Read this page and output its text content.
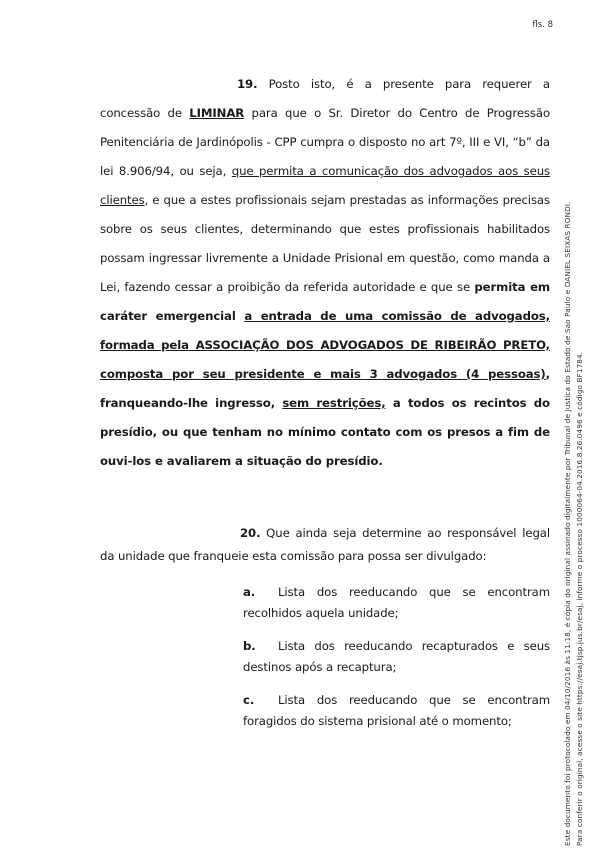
fls. 8

19. Posto isto, é a presente para requerer a concessão de LIMINAR para que o Sr. Diretor do Centro de Progressão Penitenciária de Jardinópolis - CPP cumpra o disposto no art 7º, III e VI, “b” da lei 8.906/94, ou seja, que permita a comunicação dos advogados aos seus clientes, e que a estes profissionais sejam prestadas as informações precisas sobre os seus clientes, determinando que estes profissionais habilitados possam ingressar livremente a Unidade Prisional em questão, como manda a Lei, fazendo cessar a proibição da referida autoridade e que se permita em caráter emergencial a entrada de uma comissão de advogados, formada pela ASSOCIAÇÃO DOS ADVOGADOS DE RIBEIRÃO PRETO, composta por seu presidente e mais 3 advogados (4 pessoas), franqueando-lhe ingresso, sem restrições, a todos os recintos do presídio, ou que tenham no mínimo contato com os presos a fim de ouvi-los e avaliarem a situação do presídio.

20. Que ainda seja determine ao responsável legal da unidade que franqueie esta comissão para possa ser divulgado:

a. Lista dos reeducando que se encontram recolhidos aquela unidade;
b. Lista dos reeducando recapturados e seus destinos após a recaptura;
c. Lista dos reeducando que se encontram foragidos do sistema prisional até o momento;	Este documento foi protocolado em 04/10/2016 às 11:18, é cópia do original assinado digitalmente por Tribunal de Justica do Estado de Sao Paulo e DANIEL SEIXAS RONDI. Para conferir o original, acesse o site https://esaj.tjsp.jus.br/esaj, informe o processo 1000064-04.2016.8.26.0496 e código BF1784.
